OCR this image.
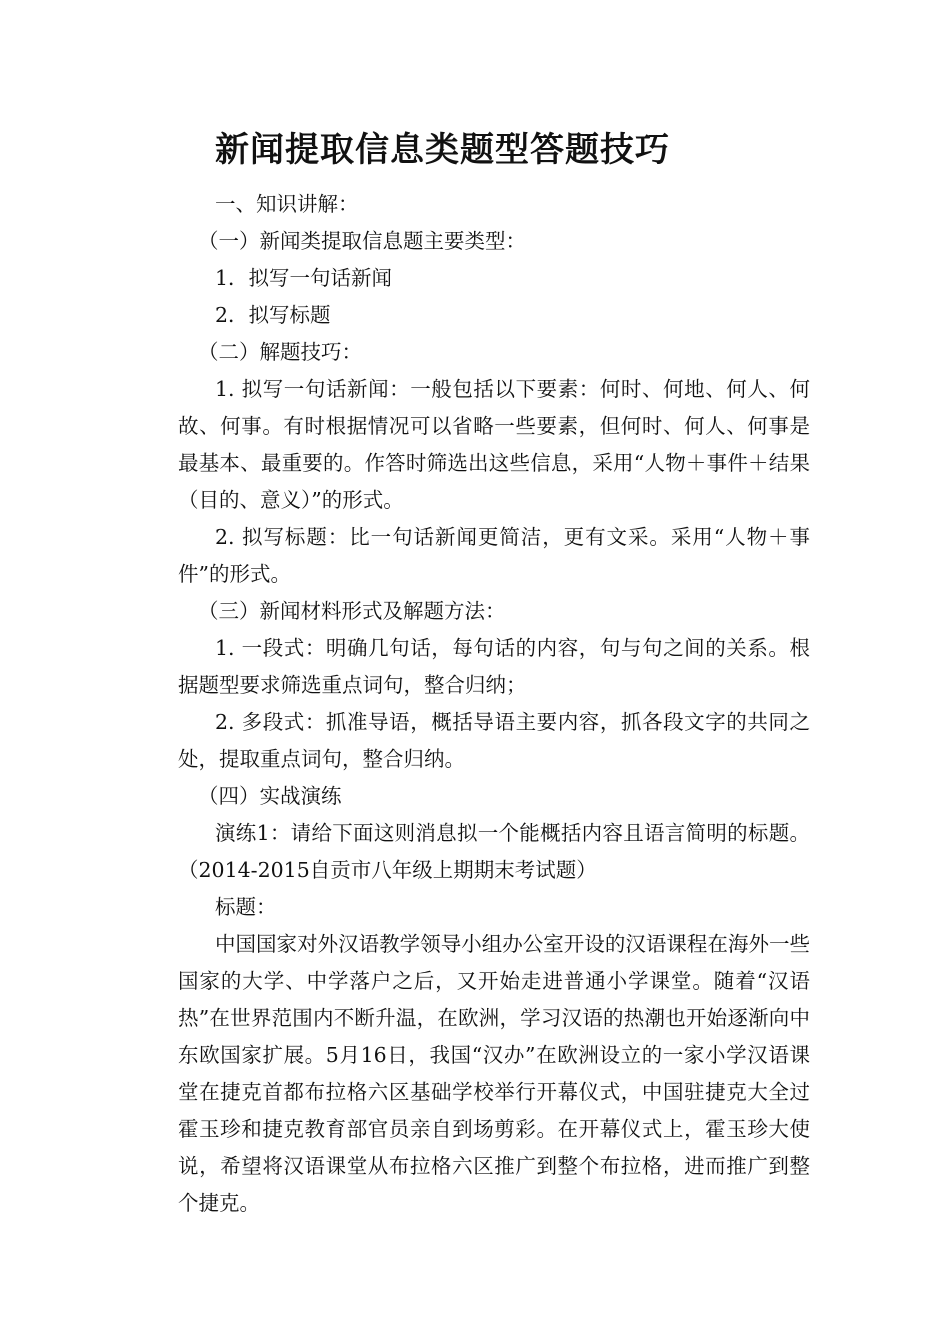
新闻提取信息类题型答题技巧

一、知识讲解：

（一）新闻类提取信息题主要类型：

1．拟写一句话新闻

2．拟写标题

（二）解题技巧：

1. 拟写一句话新闻：一般包括以下要素：何时、何地、何人、何故、何事。有时根据情况可以省略一些要素，但何时、何人、何事是最基本、最重要的。作答时筛选出这些信息，采用“人物＋事件＋结果（目的、意义）”的形式。

2. 拟写标题：比一句话新闻更简洁，更有文采。采用“人物＋事件”的形式。

（三）新闻材料形式及解题方法：

1. 一段式：明确几句话，每句话的内容，句与句之间的关系。根据题型要求筛选重点词句，整合归纳；

2. 多段式：抓准导语，概括导语主要内容，抓各段文字的共同之处，提取重点词句，整合归纳。

（四）实战演练

演练1：请给下面这则消息拟一个能概括内容且语言简明的标题。（2014-2015自贡市八年级上期期末考试题）

标题：

中国国家对外汉语教学领导小组办公室开设的汉语课程在海外一些国家的大学、中学落户之后，又开始走进普通小学课堂。随着“汉语热”在世界范围内不断升温，在欧洲，学习汉语的热潮也开始逐渐向中东欧国家扩展。5月16日，我国“汉办”在欧洲设立的一家小学汉语课堂在捷克首都布拉格六区基础学校举行开幕仪式，中国驻捷克大全过霍玉珍和捷克教育部官员亲自到场剪彩。在开幕仪式上，霍玉珍大使说，希望将汉语课堂从布拉格六区推广到整个布拉格，进而推广到整个捷克。
